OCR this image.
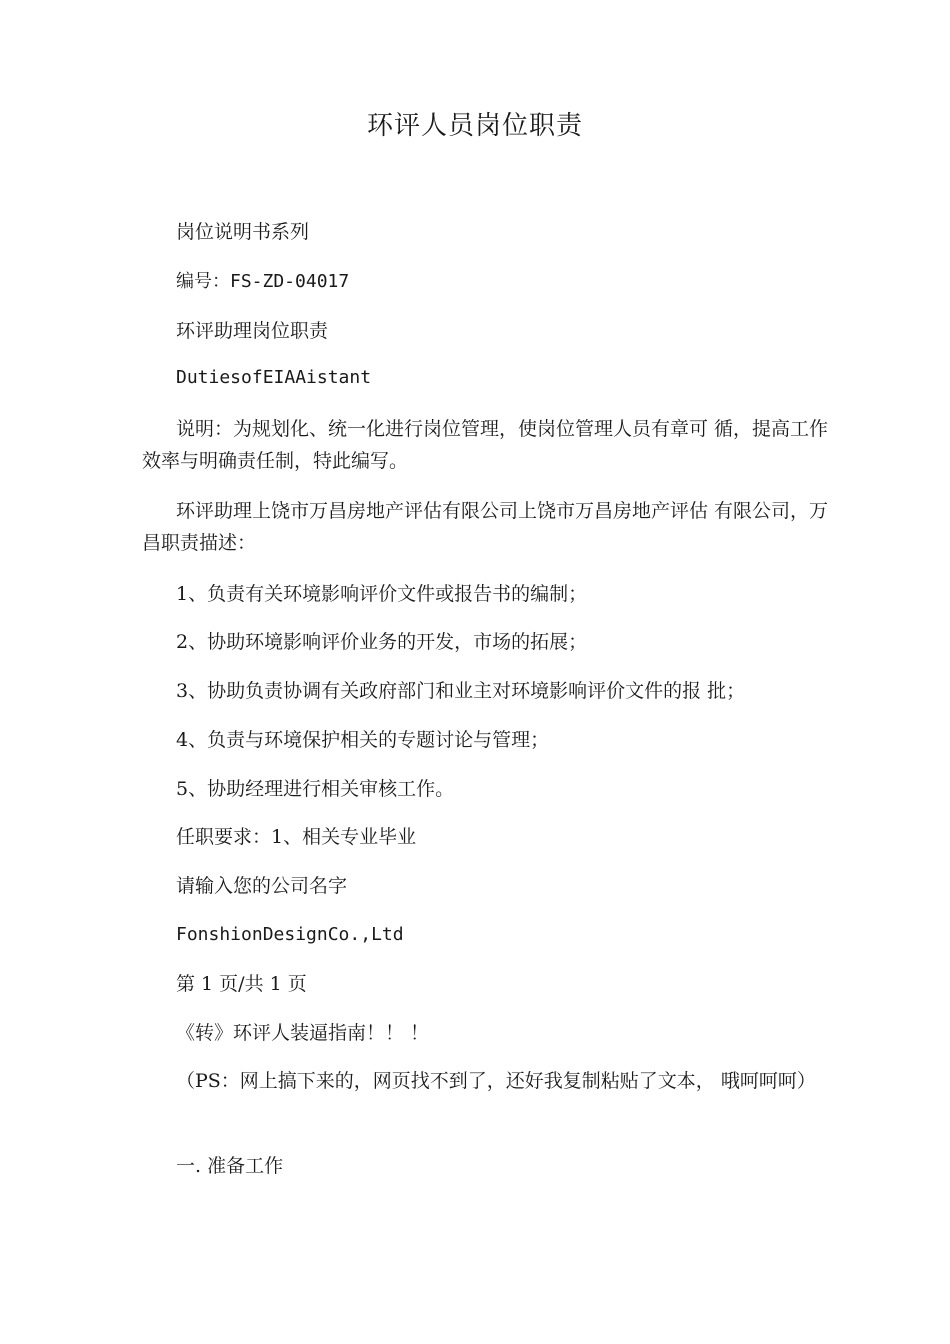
环评人员岗位职责

岗位说明书系列

编号：FS-ZD-04017

环评助理岗位职责

DutiesofEIAAistant

说明：为规划化、统一化进行岗位管理，使岗位管理人员有章可 循，提高工作效率与明确责任制，特此编写。

环评助理上饶市万昌房地产评估有限公司上饶市万昌房地产评估 有限公司，万昌职责描述：

1、负责有关环境影响评价文件或报告书的编制；

2、协助环境影响评价业务的开发，市场的拓展；

3、协助负责协调有关政府部门和业主对环境影响评价文件的报 批；

4、负责与环境保护相关的专题讨论与管理；

5、协助经理进行相关审核工作。

任职要求：1、相关专业毕业

请输入您的公司名字

FonshionDesignCo.,Ltd

第 1 页/共 1 页

《转》环评人装逼指南！！ ！

（PS：网上搞下来的，网页找不到了，还好我复制粘贴了文本， 哦呵呵呵）

一. 准备工作
